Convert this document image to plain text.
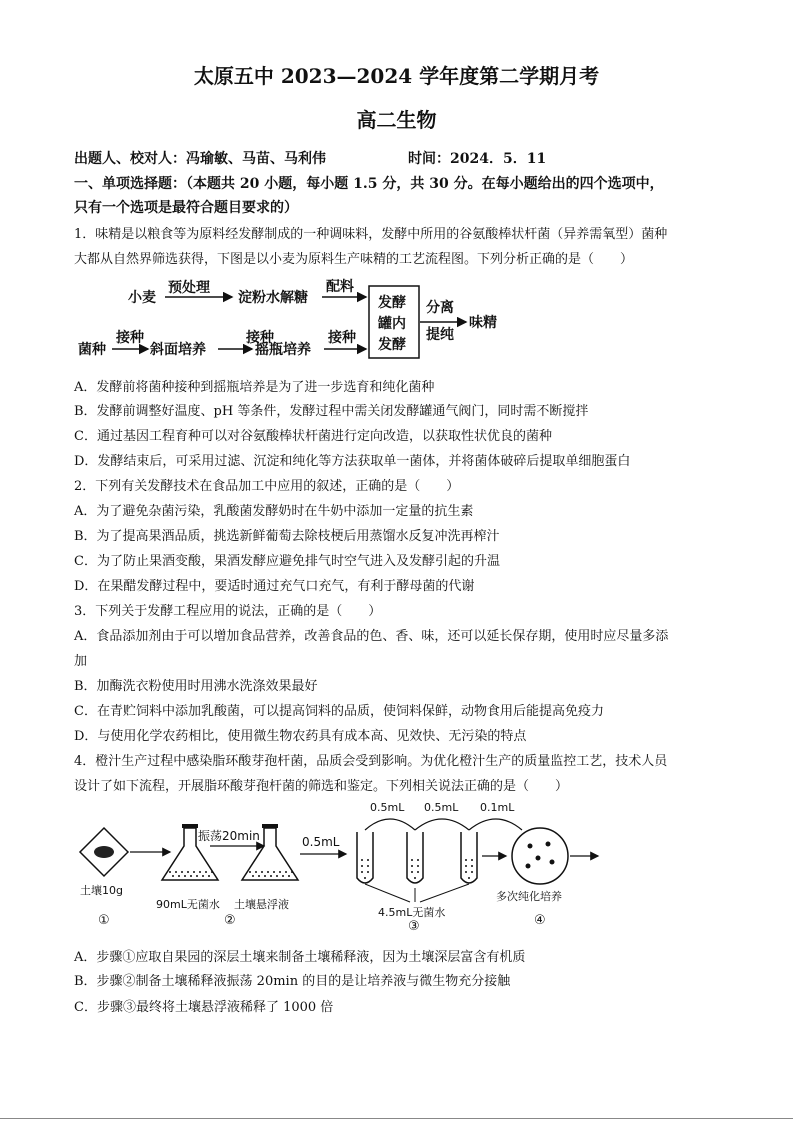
太原五中 2023—2024 学年度第二学期月考
高二生物
出题人、校对人：冯瑜敏、马苗、马利伟	时间：2024．5．11
一、单项选择题：（本题共 20 小题，每小题 1.5 分，共 30 分。在每小题给出的四个选项中，
只有一个选项是最符合题目要求的）
1．味精是以粮食等为原料经发酵制成的一种调味料，发酵中所用的谷氨酸棒状杆菌（异养需氧型）菌种
大都从自然界筛选获得，下图是以小麦为原料生产味精的工艺流程图。下列分析正确的是（　　）
小麦
预处理
淀粉水解糖
配料
菌种
接种
斜面培养
接种
摇瓶培养
接种
发酵
罐内
发酵
分离
提纯
味精
A．发酵前将菌种接种到摇瓶培养是为了进一步选育和纯化菌种
B．发酵前调整好温度、pH 等条件，发酵过程中需关闭发酵罐通气阀门，同时需不断搅拌
C．通过基因工程育种可以对谷氨酸棒状杆菌进行定向改造，以获取性状优良的菌种
D．发酵结束后，可采用过滤、沉淀和纯化等方法获取单一菌体，并将菌体破碎后提取单细胞蛋白
2．下列有关发酵技术在食品加工中应用的叙述，正确的是（　　）
A．为了避免杂菌污染，乳酸菌发酵奶时在牛奶中添加一定量的抗生素
B．为了提高果酒品质，挑选新鲜葡萄去除枝梗后用蒸馏水反复冲洗再榨汁
C．为了防止果酒变酸，果酒发酵应避免排气时空气进入及发酵引起的升温
D．在果醋发酵过程中，要适时通过充气口充气，有利于酵母菌的代谢
3．下列关于发酵工程应用的说法，正确的是（　　）
A．食品添加剂由于可以增加食品营养，改善食品的色、香、味，还可以延长保存期，使用时应尽量多添
加
B．加酶洗衣粉使用时用沸水洗涤效果最好
C．在青贮饲料中添加乳酸菌，可以提高饲料的品质，使饲料保鲜，动物食用后能提高免疫力
D．与使用化学农药相比，使用微生物农药具有成本高、见效快、无污染的特点
4．橙汁生产过程中感染脂环酸芽孢杆菌，品质会受到影响。为优化橙汁生产的质量监控工艺，技术人员
设计了如下流程，开展脂环酸芽孢杆菌的筛选和鉴定。下列相关说法正确的是（　　）
土壤10g
①
振荡20min
90mL无菌水 土壤悬浮液
②
0.5mL
0.5mL 0.5mL 0.1mL
4.5mL无菌水
③
多次纯化培养
④
A．步骤①应取自果园的深层土壤来制备土壤稀释液，因为土壤深层富含有机质
B．步骤②制备土壤稀释液振荡 20min 的目的是让培养液与微生物充分接触
C．步骤③最终将土壤悬浮液稀释了 1000 倍
